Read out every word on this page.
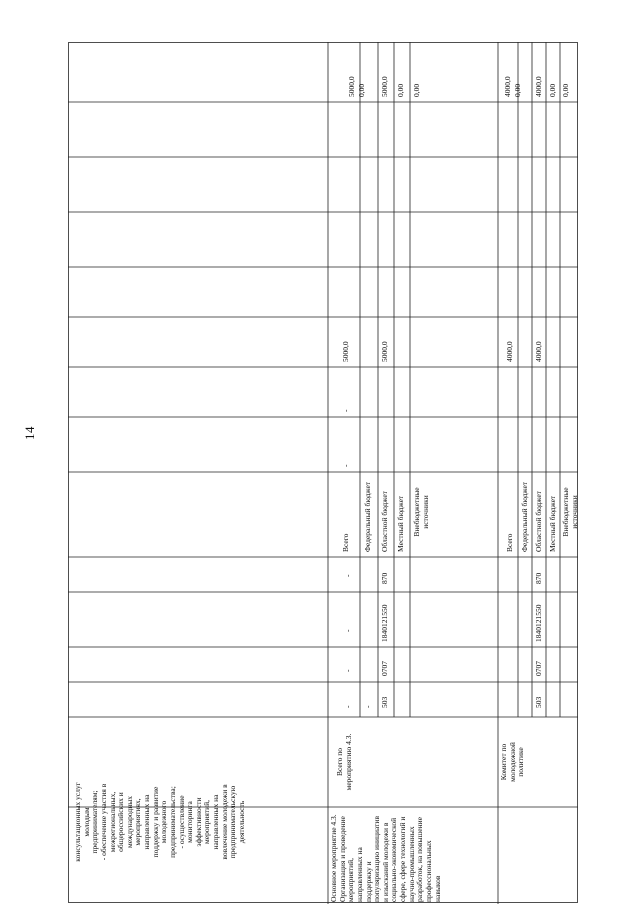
14
консультационных услуг
молодым
предпринимателям;
- обеспечение участия в
межрегиональных,
общероссийских и
международных
мероприятиях,
направленных на
поддержку и развитие
молодежного
предпринимательства;
- осуществление
мониторинга
эффективности
мероприятий,
направленных на
вовлечение молодежи в
предпринимательскую
деятельность
Основное мероприятие 4.3.
Организация и проведение
мероприятий,
направленных на
поддержку и
популяризацию инициатив
и изысканий молодежи в
социально-экономической
сфере, сфере технологий и
научно-промышленных
разработок, на повышение
профессиональных
навыков
Всего по
мероприятию 4.3.
Комитет по
молодежной
политике
-
-
-
-
Всего
-
-
5000,0
-
Федеральный бюджет
503
0707
1840121550
870
Областной бюджет
5000,0
Местный бюджет Внебюджетные
источники
5000,0 0,00 5000,0 0,00 0,00
Всего
4000,0
Федеральный бюджет
503
0707
1840121550
870
Областной бюджет
4000,0
Местный бюджет Внебюджетные
источники
4000,0 0,00 4000,0 0,00 0,00
